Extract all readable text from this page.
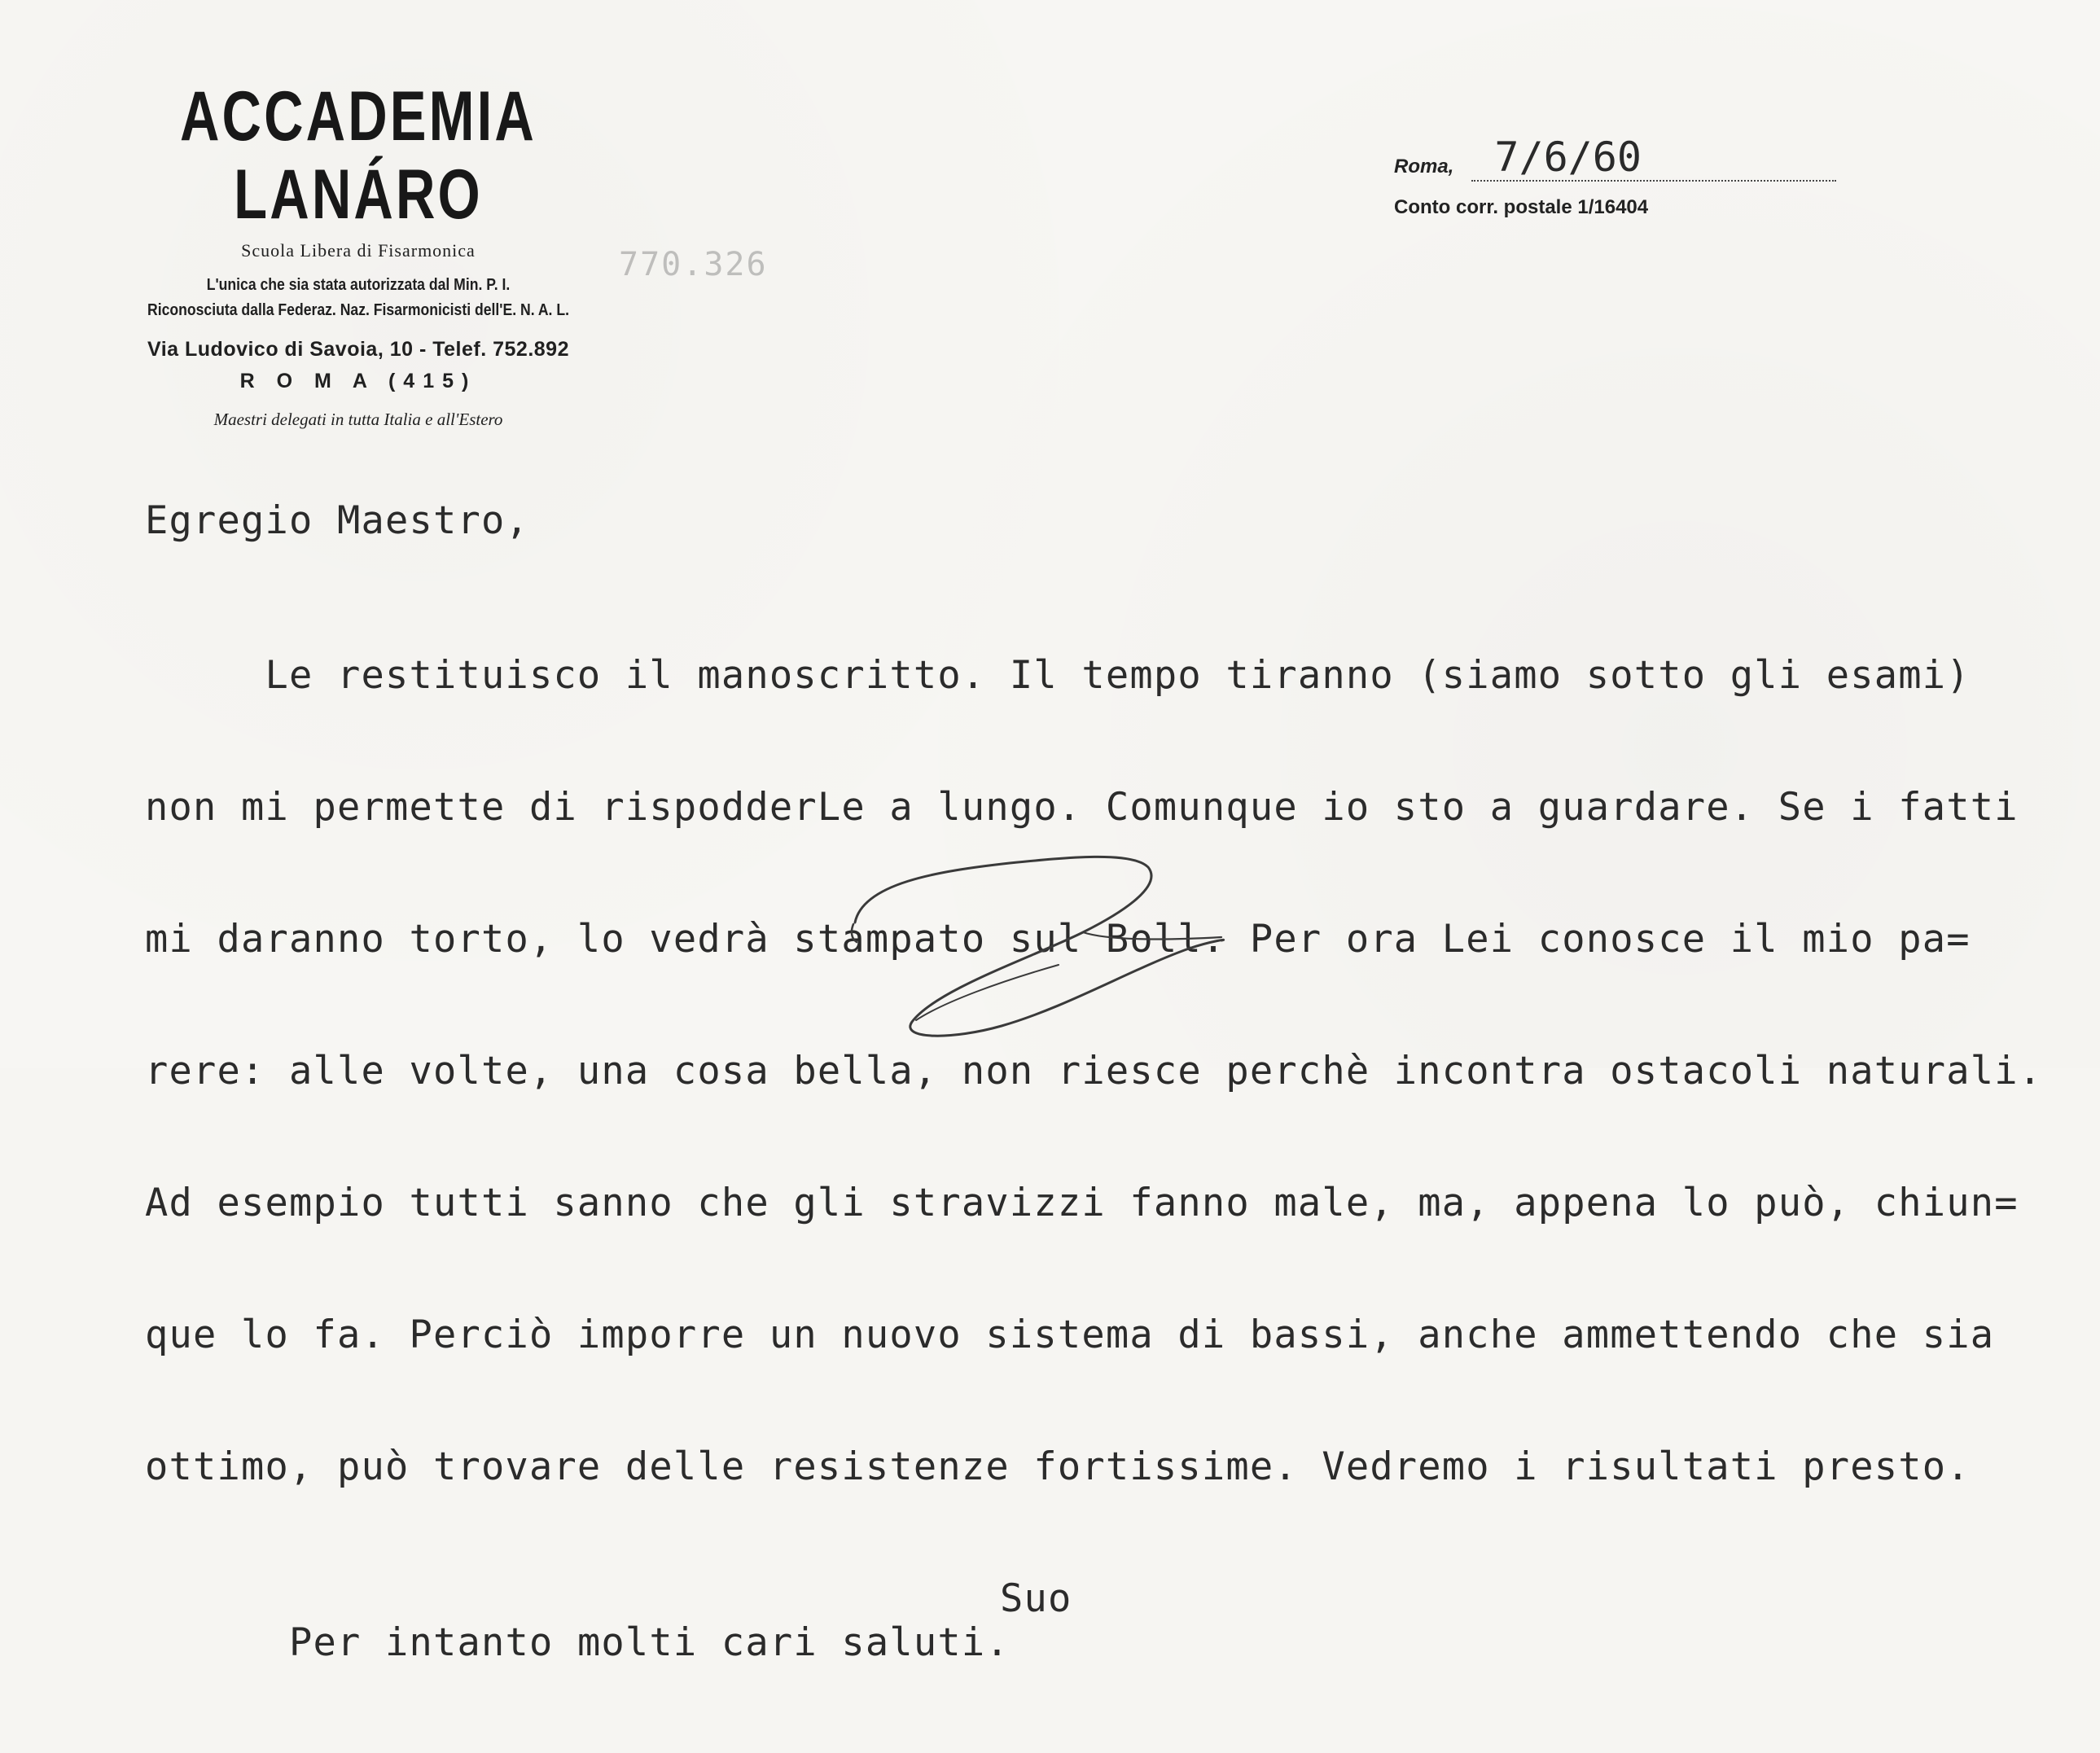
ACCADEMIA LANÁRO

Scuola Libera di Fisarmonica

L'unica che sia stata autorizzata dal Min. P. I.

Riconosciuta dalla Federaz. Naz. Fisarmonicisti dell'E. N. A. L.

Via Ludovico di Savoia, 10 - Telef. 752.892

R O M A (415)

Maestri delegati in tutta Italia e all'Estero

770.326
Roma,	7/6/60
Conto corr. postale 1/16404

Egregio Maestro,

Le restituisco il manoscritto. Il tempo tiranno (siamo sotto gli esami)

non mi permette di rispodderLe a lungo. Comunque io sto a guardare. Se i fatti

mi daranno torto, lo vedrà stampato sul Boll. Per ora Lei conosce il mio pa=

rere: alle volte, una cosa bella, non riesce perchè incontra ostacoli naturali.

Ad esempio tutti sanno che gli stravizzi fanno male, ma, appena lo può, chiun=

que lo fa. Perciò imporre un nuovo sistema di bassi, anche ammettendo che sia

ottimo, può trovare delle resistenze fortissime. Vedremo i risultati presto.

Per intanto molti cari saluti.

Suo
